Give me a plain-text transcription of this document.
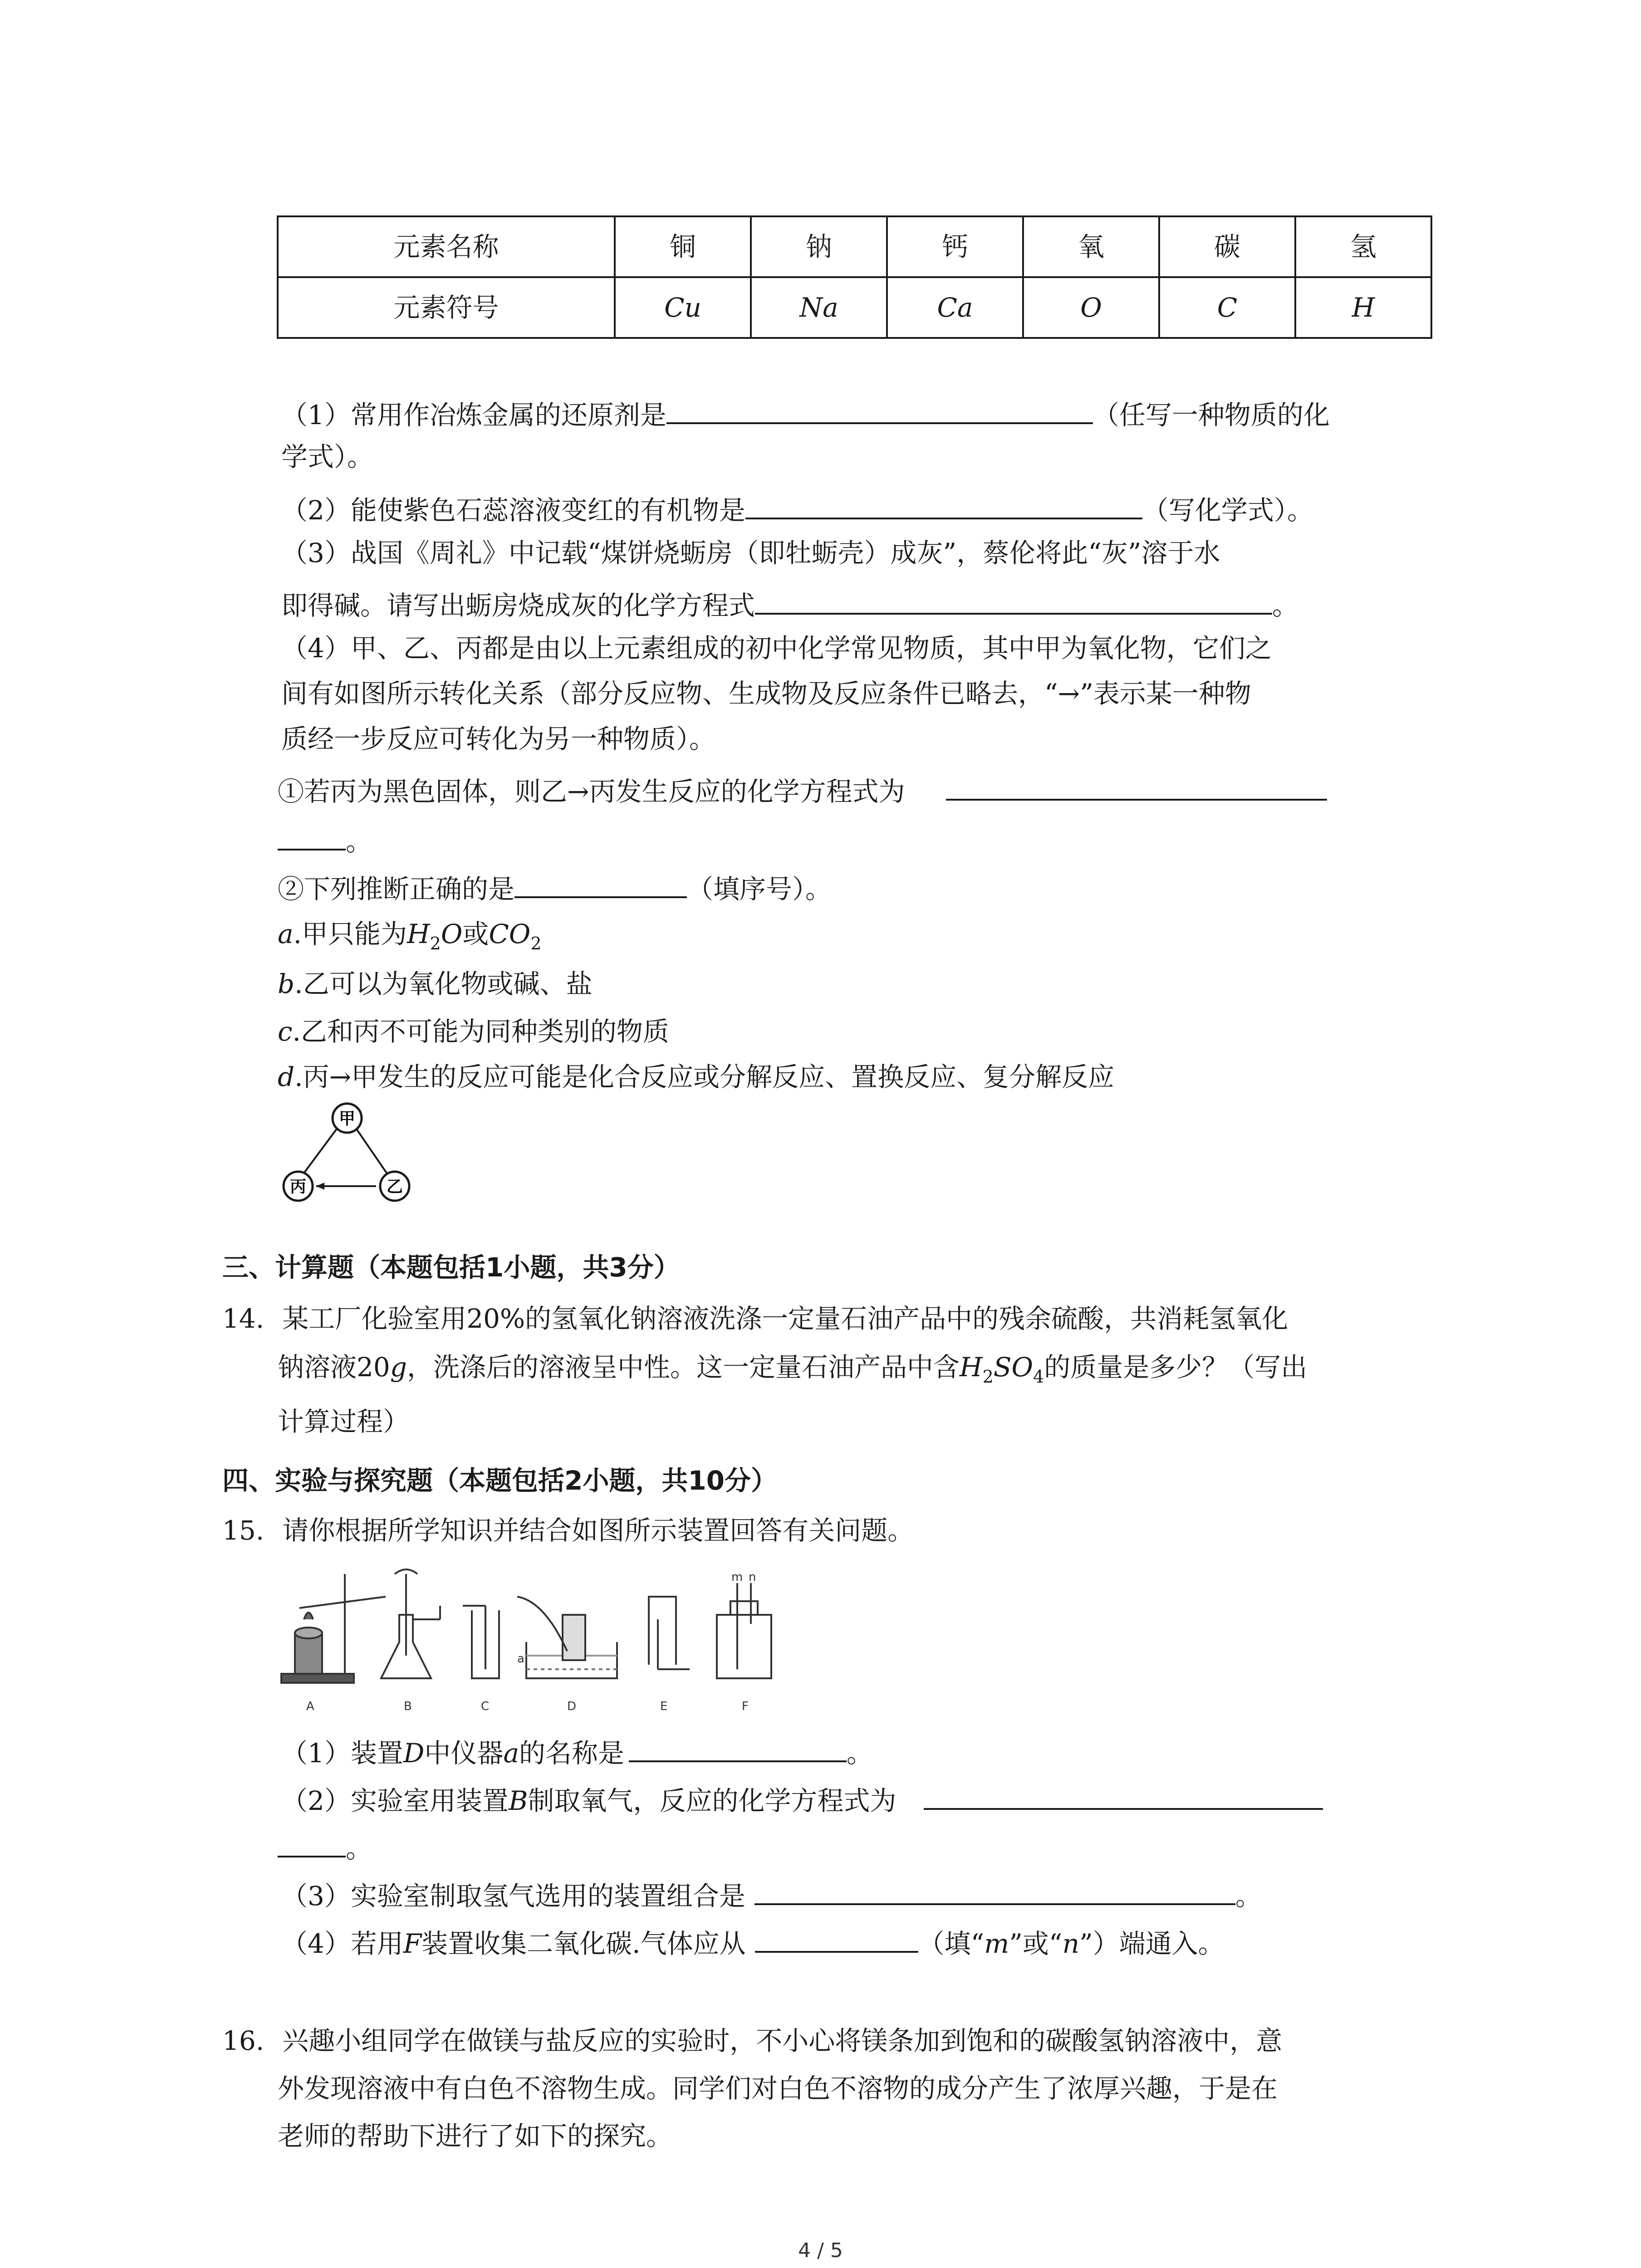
元素名称	铜	钠	钙	氧	碳	氢
元素符号	Cu	Na	Ca	O	C	H
（1）常用作冶炼金属的还原剂是	（任写一种物质的化
学式）。
（2）能使紫色石蕊溶液变红的有机物是	（写化学式）。
（3）战国《周礼》中记载“煤饼烧蛎房（即牡蛎壳）成灰”，蔡伦将此“灰”溶于水
即得碱。请写出蛎房烧成灰的化学方程式	。
（4）甲、乙、丙都是由以上元素组成的初中化学常见物质，其中甲为氧化物，它们之
间有如图所示转化关系（部分反应物、生成物及反应条件已略去，“→”表示某一种物
质经一步反应可转化为另一种物质）。
①若丙为黑色固体，则乙→丙发生反应的化学方程式为
。
②下列推断正确的是	（填序号）。
a.甲只能为$H_2O$或$CO_2$
b.乙可以为氧化物或碱、盐
c.乙和丙不可能为同种类别的物质
d.丙→甲发生的反应可能是化合反应或分解反应、置换反应、复分解反应
甲
丙	乙
三、计算题（本题包括1小题，共3分）
14. 某工厂化验室用20%的氢氧化钠溶液洗涤一定量石油产品中的残余硫酸，共消耗氢氧化
钠溶液20g，洗涤后的溶液呈中性。这一定量石油产品中含$H_2SO_4$的质量是多少？（写出
计算过程）
四、实验与探究题（本题包括2小题，共10分）
15. 请你根据所学知识并结合如图所示装置回答有关问题。
A	B	C	D	E	F
a
m n
（1）装置D中仪器a的名称是	。
（2）实验室用装置B制取氧气，反应的化学方程式为
。
（3）实验室制取氢气选用的装置组合是	。
（4）若用F装置收集二氧化碳.气体应从	（填“m”或“n”）端通入。
16. 兴趣小组同学在做镁与盐反应的实验时，不小心将镁条加到饱和的碳酸氢钠溶液中，意
外发现溶液中有白色不溶物生成。同学们对白色不溶物的成分产生了浓厚兴趣，于是在
老师的帮助下进行了如下的探究。
4 / 5
